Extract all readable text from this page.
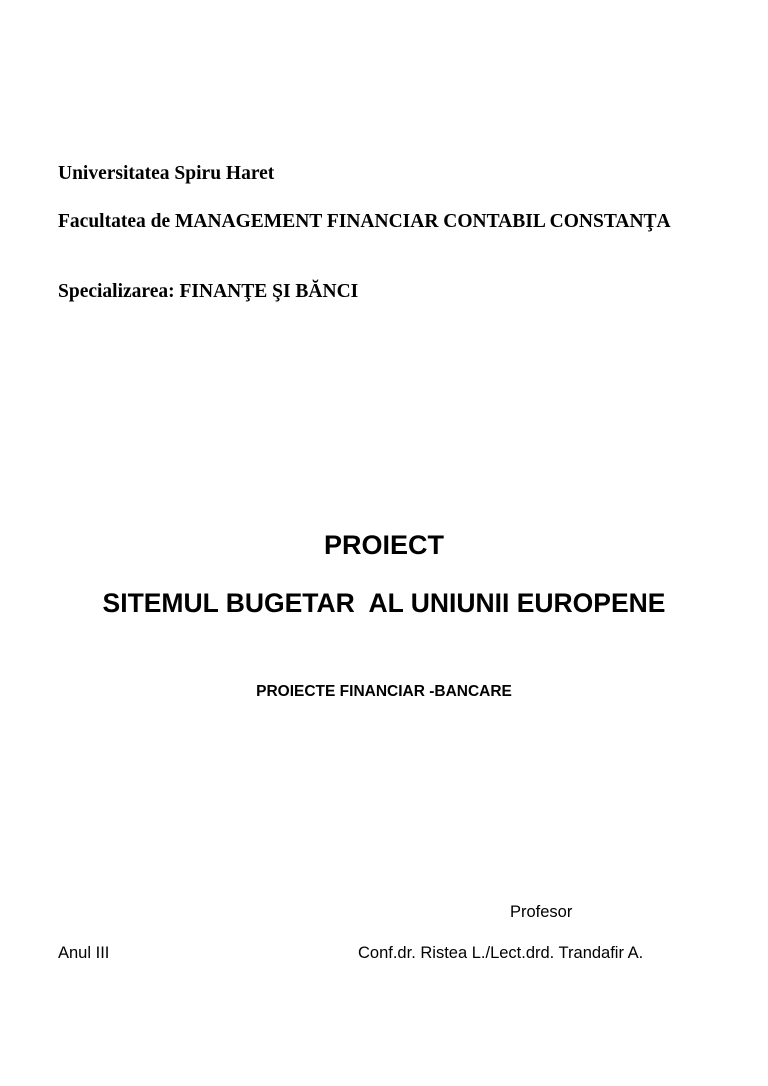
Universitatea Spiru Haret
Facultatea de MANAGEMENT FINANCIAR CONTABIL CONSTANŢA
Specializarea: FINANŢE ŞI BĂNCI
PROIECT
SITEMUL BUGETAR  AL UNIUNII EUROPENE
PROIECTE FINANCIAR -BANCARE
Profesor
Anul III	Conf.dr. Ristea L./Lect.drd. Trandafir A.
